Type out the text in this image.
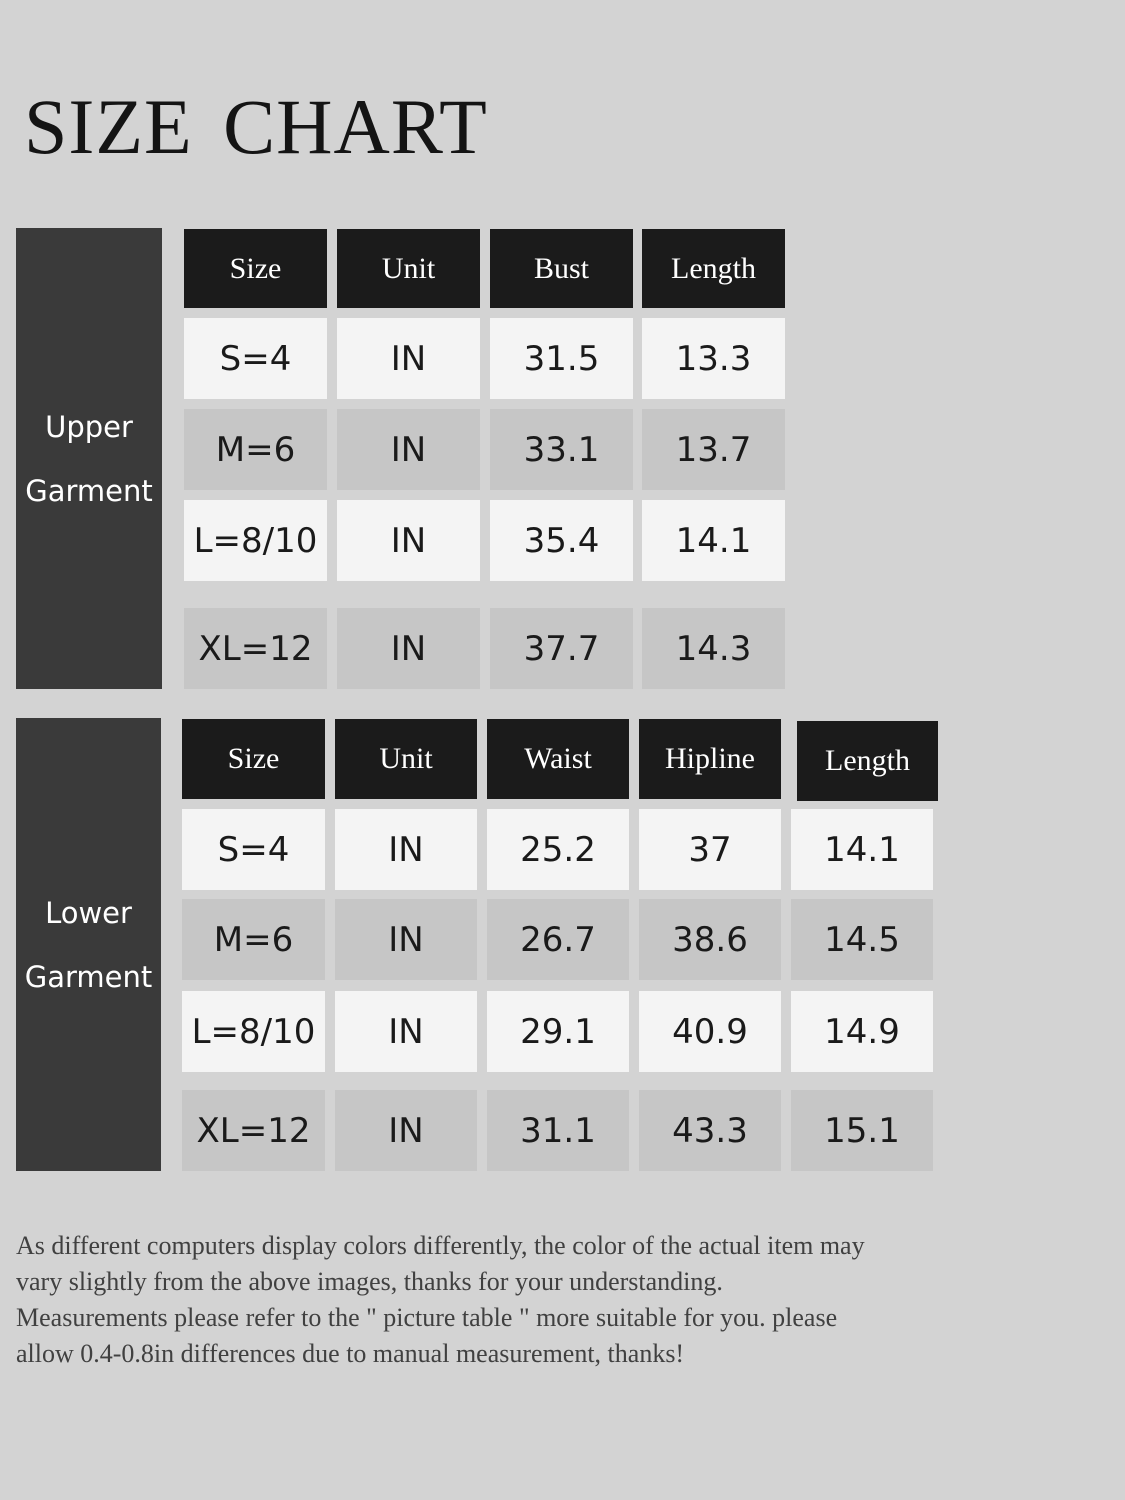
SIZE CHART
Upper
Garment
Lower
Garment
Size	Unit	Bust	Length
S=4	IN	31.5	13.3
M=6	IN	33.1	13.7
L=8/10	IN	35.4	14.1
XL=12	IN	37.7	14.3
Size	Unit	Waist	Hipline	Length
S=4	IN	25.2	37	14.1
M=6	IN	26.7	38.6	14.5
L=8/10	IN	29.1	40.9	14.9
XL=12	IN	31.1	43.3	15.1
As different computers display colors differently, the color of the actual item may
vary slightly from the above images, thanks for your understanding.
Measurements please refer to the " picture table " more suitable for you. please
allow 0.4-0.8in differences due to manual measurement, thanks!
